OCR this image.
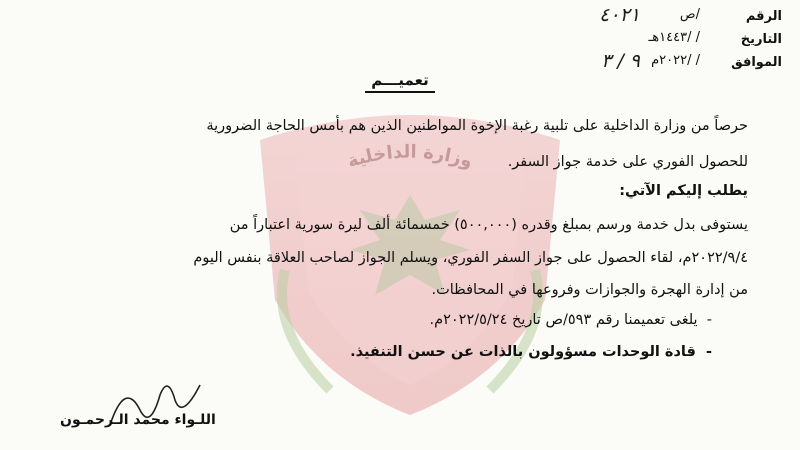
وزارة الداخلية
الرقم
/ص
٤٠٢١
التاريخ
/ /١٤٤٣هـ
الموافق
/ /٢٠٢٢م
٩ / ٣
تعميـــم
حرصاً من وزارة الداخلية على تلبية رغبة الإخوة المواطنين الذين هم بأمس الحاجة الضرورية
للحصول الفوري على خدمة جواز السفر.
يطلب إليكم الآتي:
يستوفى بدل خدمة ورسم بمبلغ وقدره (٥٠٠,٠٠٠) خمسمائة ألف ليرة سورية اعتباراً من
٢٠٢٢/٩/٤م، لقاء الحصول على جواز السفر الفوري، ويسلم الجواز لصاحب العلاقة بنفس اليوم
من إدارة الهجرة والجوازات وفروعها في المحافظات.
-  يلغى تعميمنا رقم ٥٩٣/ص تاريخ ٢٠٢٢/٥/٢٤م.
-  قادة الوحدات مسؤولون بالذات عن حسن التنفيذ.
اللـواء محمد الـرحمـون
